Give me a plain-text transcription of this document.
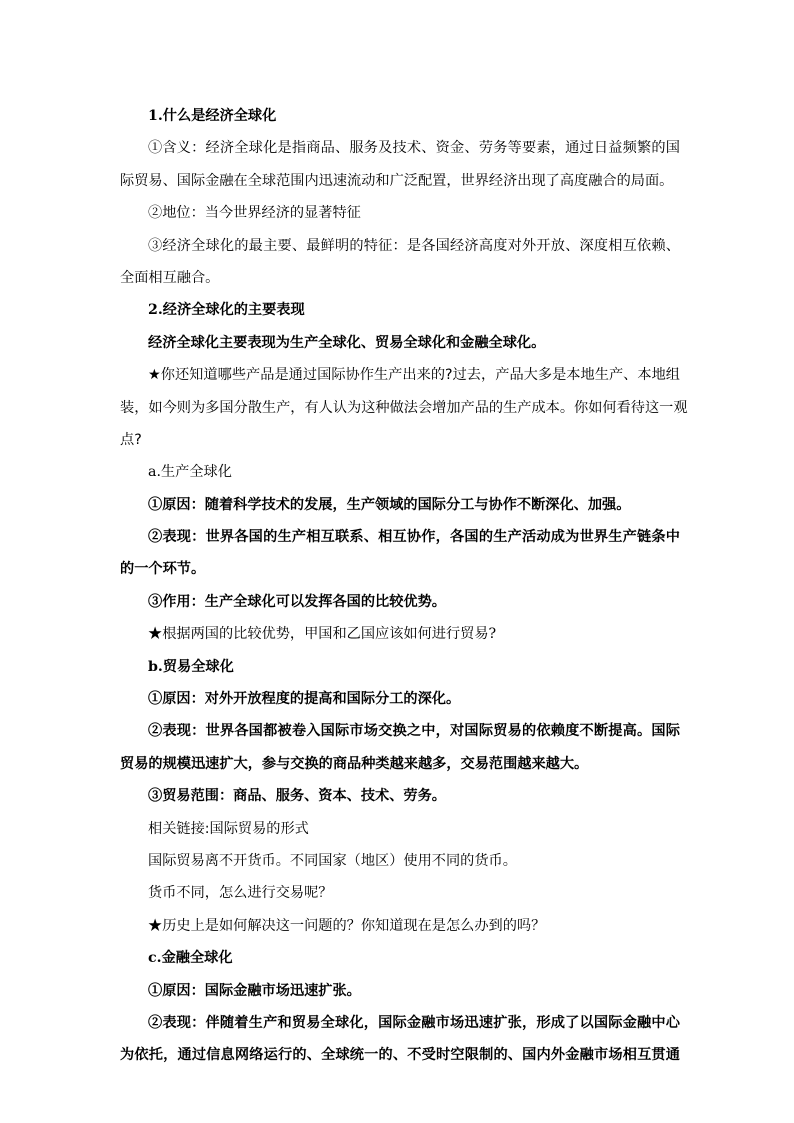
1.什么是经济全球化
①含义：经济全球化是指商品、服务及技术、资金、劳务等要素，通过日益频繁的国
际贸易、国际金融在全球范围内迅速流动和广泛配置，世界经济出现了高度融合的局面。
②地位：当今世界经济的显著特征
③经济全球化的最主要、最鲜明的特征：是各国经济高度对外开放、深度相互依赖、
全面相互融合。
2.经济全球化的主要表现
经济全球化主要表现为生产全球化、贸易全球化和金融全球化。
★你还知道哪些产品是通过国际协作生产出来的?过去，产品大多是本地生产、本地组
装，如今则为多国分散生产，有人认为这种做法会增加产品的生产成本。你如何看待这一观
点?
a.生产全球化
①原因：随着科学技术的发展，生产领域的国际分工与协作不断深化、加强。
②表现：世界各国的生产相互联系、相互协作，各国的生产活动成为世界生产链条中
的一个环节。
③作用：生产全球化可以发挥各国的比较优势。
★根据两国的比较优势，甲国和乙国应该如何进行贸易?
b.贸易全球化
①原因：对外开放程度的提高和国际分工的深化。
②表现：世界各国都被卷入国际市场交换之中，对国际贸易的依赖度不断提高。国际
贸易的规模迅速扩大，参与交换的商品种类越来越多，交易范围越来越大。
③贸易范围：商品、服务、资本、技术、劳务。
相关链接:国际贸易的形式
国际贸易离不开货币。不同国家（地区）使用不同的货币。
货币不同，怎么进行交易呢？
★历史上是如何解决这一问题的？你知道现在是怎么办到的吗？
c.金融全球化
①原因：国际金融市场迅速扩张。
②表现：伴随着生产和贸易全球化，国际金融市场迅速扩张，形成了以国际金融中心
为依托，通过信息网络运行的、全球统一的、不受时空限制的、国内外金融市场相互贯通
